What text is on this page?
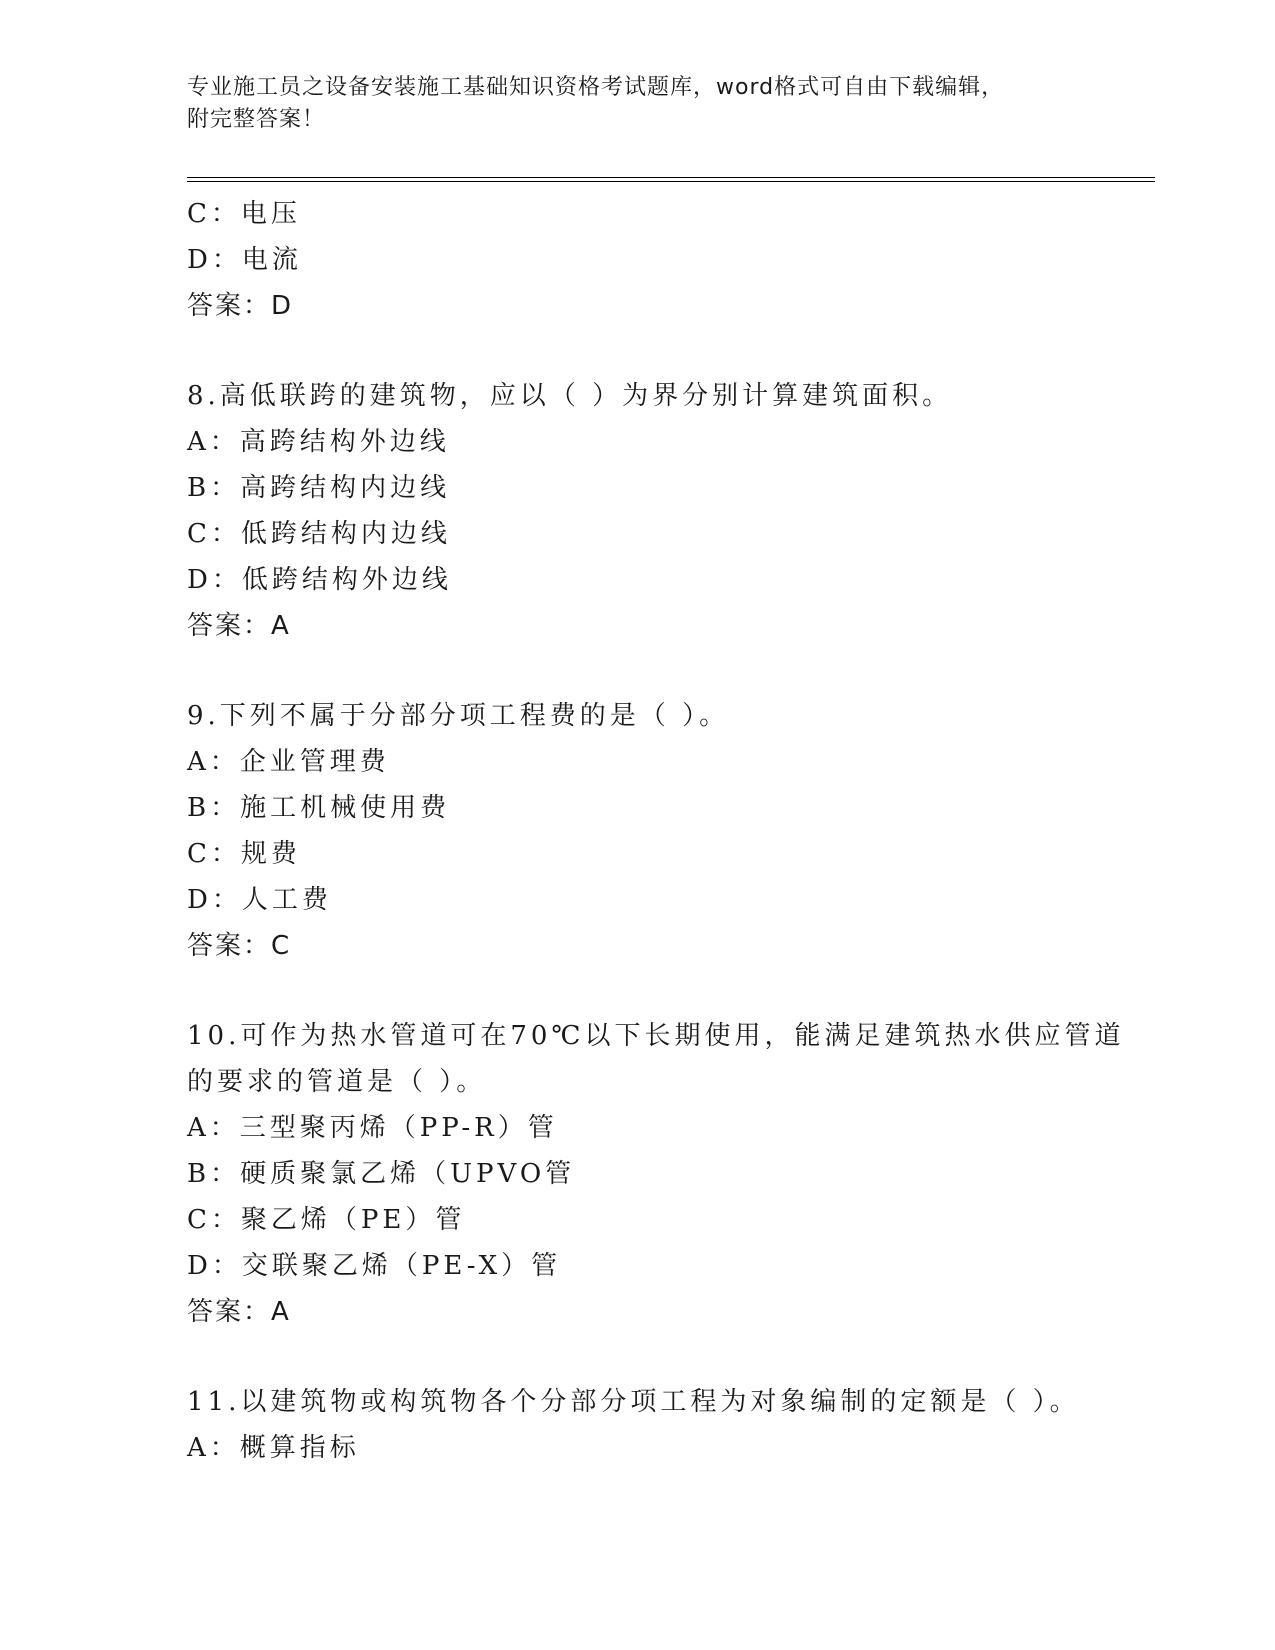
专业施工员之设备安装施工基础知识资格考试题库，word格式可自由下载编辑，
附完整答案！
C：电压
D：电流
答案：D
8.高低联跨的建筑物，应以（ ）为界分别计算建筑面积。
A：高跨结构外边线
B：高跨结构内边线
C：低跨结构内边线
D：低跨结构外边线
答案：A
9.下列不属于分部分项工程费的是（ ）。
A：企业管理费
B：施工机械使用费
C：规费
D：人工费
答案：C
10.可作为热水管道可在70℃以下长期使用，能满足建筑热水供应管道
的要求的管道是（ ）。
A：三型聚丙烯（PP-R）管
B：硬质聚氯乙烯（UPVO管
C：聚乙烯（PE）管
D：交联聚乙烯（PE-X）管
答案：A
11.以建筑物或构筑物各个分部分项工程为对象编制的定额是（ ）。
A：概算指标
